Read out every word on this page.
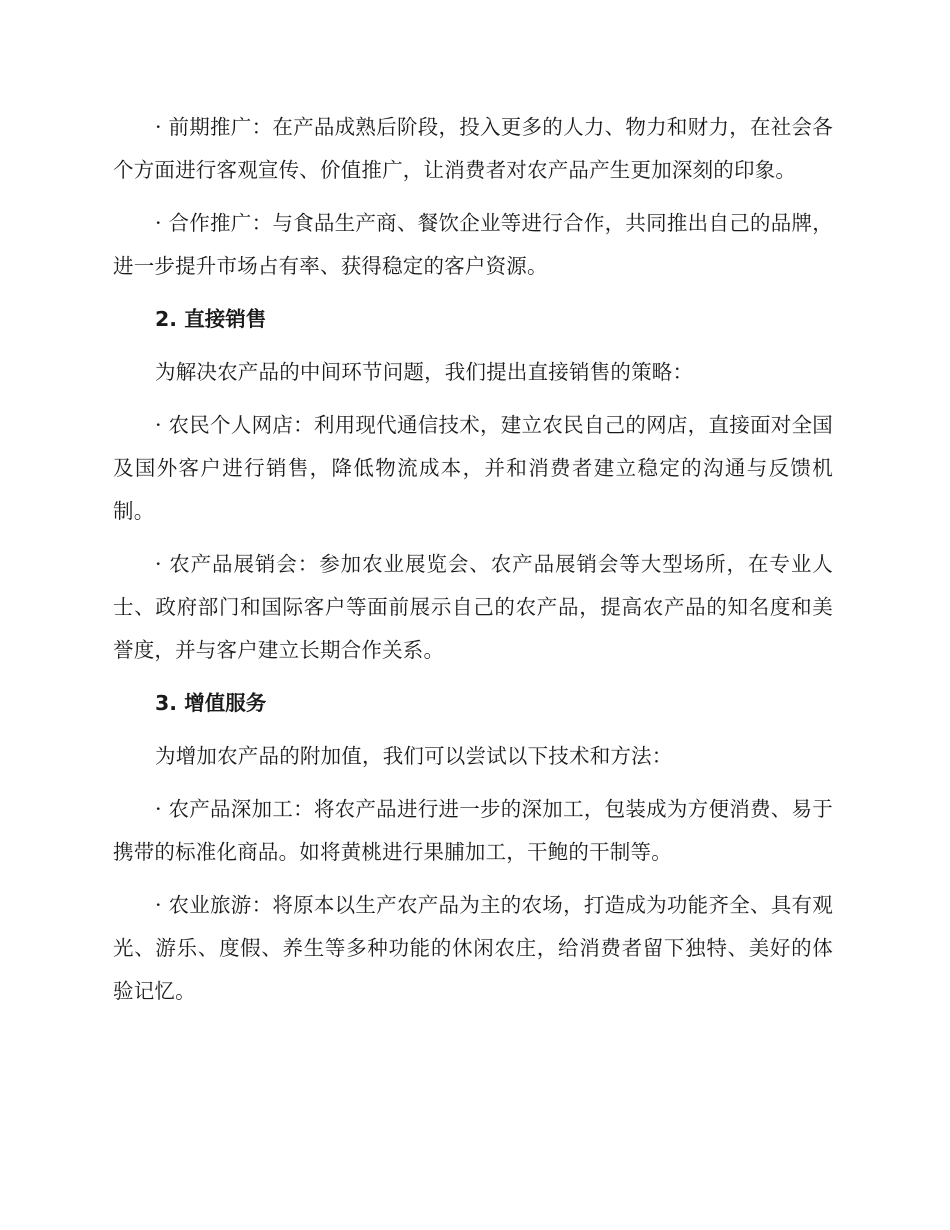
· 前期推广：在产品成熟后阶段，投入更多的人力、物力和财力，在社会各个方面进行客观宣传、价值推广，让消费者对农产品产生更加深刻的印象。

· 合作推广：与食品生产商、餐饮企业等进行合作，共同推出自己的品牌，进一步提升市场占有率、获得稳定的客户资源。

2. 直接销售

为解决农产品的中间环节问题，我们提出直接销售的策略：

· 农民个人网店：利用现代通信技术，建立农民自己的网店，直接面对全国及国外客户进行销售，降低物流成本，并和消费者建立稳定的沟通与反馈机制。

· 农产品展销会：参加农业展览会、农产品展销会等大型场所，在专业人士、政府部门和国际客户等面前展示自己的农产品，提高农产品的知名度和美誉度，并与客户建立长期合作关系。

3. 增值服务

为增加农产品的附加值，我们可以尝试以下技术和方法：

· 农产品深加工：将农产品进行进一步的深加工，包装成为方便消费、易于携带的标准化商品。如将黄桃进行果脯加工，干鲍的干制等。

· 农业旅游：将原本以生产农产品为主的农场，打造成为功能齐全、具有观光、游乐、度假、养生等多种功能的休闲农庄，给消费者留下独特、美好的体验记忆。
